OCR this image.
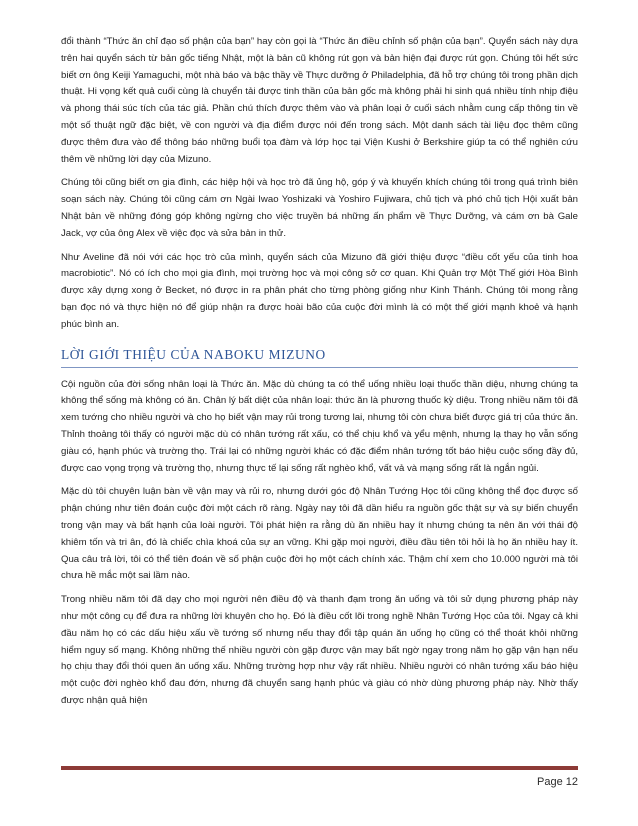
đổi thành “Thức ăn chỉ đạo số phận của bạn” hay còn gọi là “Thức ăn điều chỉnh số phận của bạn”. Quyển sách này dựa trên hai quyển sách từ bản gốc tiếng Nhật, một là bản cũ không rút gọn và bản hiện đại được rút gọn. Chúng tôi hết sức biết ơn ông Keiji Yamaguchi, một nhà báo và bậc thầy về Thực dưỡng ở Philadelphia, đã hỗ trợ chúng tôi trong phần dịch thuật. Hi vọng kết quả cuối cùng là chuyển tải được tinh thần của bản gốc mà không phải hi sinh quá nhiều tính nhịp điệu và phong thái súc tích của tác giả. Phần chú thích được thêm vào và phân loại ở cuối sách nhằm cung cấp thông tin về một số thuật ngữ đặc biệt, về con người và địa điểm được nói đến trong sách. Một danh sách tài liệu đọc thêm cũng được thêm đưa vào để thông báo những buổi tọa đàm và lớp học tại Viện Kushi ở Berkshire giúp ta có thể nghiên cứu thêm về những lời dạy của Mizuno.

Chúng tôi cũng biết ơn gia đình, các hiệp hội và học trò đã ủng hộ, góp ý và khuyến khích chúng tôi trong quá trình biên soạn sách này. Chúng tôi cũng cám ơn Ngài Iwao Yoshizaki và Yoshiro Fujiwara, chủ tịch và phó chủ tịch Hội xuất bản Nhật bản về những đóng góp không ngừng cho việc truyền bá những ấn phẩm về Thực Dưỡng, và cám ơn bà Gale Jack, vợ của ông Alex về việc đọc và sửa bản in thử.

Như Aveline đã nói với các học trò của mình, quyển sách của Mizuno đã giới thiệu được “điều cốt yếu của tinh hoa macrobiotic”. Nó có ích cho mọi gia đình, mọi trường học và mọi công sở cơ quan. Khi Quản trợ Một Thế giới Hòa Bình được xây dựng xong ở Becket, nó được in ra phân phát cho từng phòng giống như Kinh Thánh. Chúng tôi mong rằng bạn đọc nó và thực hiện nó để giúp nhận ra được hoài bão của cuộc đời mình là có một thế giới mạnh khoẻ và hạnh phúc bình an.

LỜI GIỚI THIỆU CỦA NABOKU MIZUNO

Cội nguồn của đời sống nhân loại là Thức ăn. Mặc dù chúng ta có thể uống nhiều loại thuốc thần diệu, nhưng chúng ta không thể sống mà không có ăn. Chân lý bất diệt của nhân loại: thức ăn là phương thuốc kỳ diệu. Trong nhiều năm tôi đã xem tướng cho nhiều người và cho họ biết vận may rủi trong tương lai, nhưng tôi còn chưa biết được giá trị của thức ăn. Thỉnh thoảng tôi thấy có người mặc dù có nhân tướng rất xấu, có thể chịu khổ và yểu mệnh, nhưng lạ thay họ vẫn sống giàu có, hạnh phúc và trường thọ. Trái lại có những người khác có đặc điểm nhân tướng tốt báo hiệu cuộc sống đầy đủ, được cao vọng trọng và trường thọ, nhưng thực tế lại sống rất nghèo khổ, vất vả và mạng sống rất là ngắn ngủi.

Mặc dù tôi chuyên luận bàn về vận may và rủi ro, nhưng dưới góc độ Nhân Tướng Học tôi cũng không thể đọc được số phận chúng như tiên đoán cuộc đời một cách rõ ràng. Ngày nay tôi đã dần hiểu ra nguồn gốc thật sự và sự biến chuyển trong vận may và bất hạnh của loài người. Tôi phát hiện ra rằng dù ăn nhiều hay ít nhưng chúng ta nên ăn với thái độ khiêm tốn và tri ân, đó là chiếc chìa khoá của sự an vững. Khi gặp mọi người, điều đầu tiên tôi hỏi là họ ăn nhiều hay ít. Qua câu trả lời, tôi có thể tiên đoán về số phận cuộc đời họ một cách chính xác. Thậm chí xem cho 10.000 người mà tôi chưa hề mắc một sai lầm nào.

Trong nhiều năm tôi đã dạy cho mọi người nên điều độ và thanh đạm trong ăn uống và tôi sử dụng phương pháp này như một công cụ để đưa ra những lời khuyên cho họ. Đó là điều cốt lõi trong nghề Nhân Tướng Học của tôi. Ngay cả khi đầu năm họ có các dấu hiệu xấu về tướng số nhưng nếu thay đổi tập quán ăn uống họ cũng có thể thoát khỏi những hiểm nguy số mạng. Không những thế nhiều người còn gặp được vận may bất ngờ ngay trong năm họ gặp vận hạn nếu họ chịu thay đổi thói quen ăn uống xấu. Những trường hợp như vậy rất nhiều. Nhiều người có nhân tướng xấu báo hiệu một cuộc đời nghèo khổ đau đớn, nhưng đã chuyển sang hạnh phúc và giàu có nhờ dùng phương pháp này. Nhờ thấy được nhận quả hiện

Page 12
